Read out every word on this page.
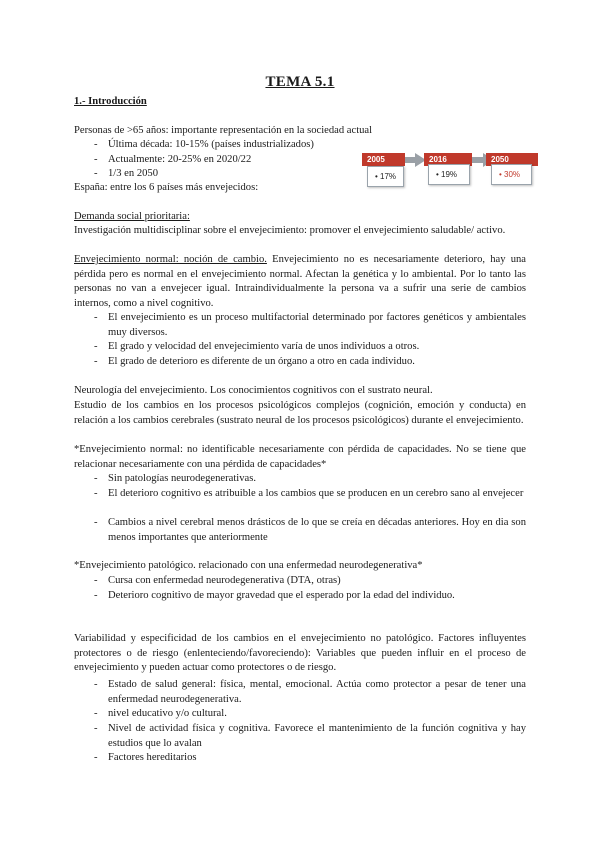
TEMA 5.1
1.- Introducción
Personas de >65 años: importante representación en la sociedad actual
- Última década: 10-15% (países industrializados)
- Actualmente: 20-25% en 2020/22
- 1/3 en 2050
España: entre los 6 países más envejecidos:
2005
• 17%
2016
• 19%
2050
• 30%
Demanda social prioritaria:
Investigación multidisciplinar sobre el envejecimiento: promover el envejecimiento saludable/ activo.
Envejecimiento normal: noción de cambio. Envejecimiento no es necesariamente deterioro, hay una pérdida pero es normal en el envejecimiento normal. Afectan la genética y lo ambiental. Por lo tanto las personas no van a envejecer igual. Intraindividualmente la persona va a sufrir una serie de cambios internos, como a nivel cognitivo.
- El envejecimiento es un proceso multifactorial determinado por factores genéticos y ambientales muy diversos.
- El grado y velocidad del envejecimiento varía de unos individuos a otros.
- El grado de deterioro es diferente de un órgano a otro en cada individuo.
Neurología del envejecimiento. Los conocimientos cognitivos con el sustrato neural.
Estudio de los cambios en los procesos psicológicos complejos (cognición, emoción y conducta) en relación a los cambios cerebrales (sustrato neural de los procesos psicológicos) durante el envejecimiento.
*Envejecimiento normal: no identificable necesariamente con pérdida de capacidades. No se tiene que relacionar necesariamente con una pérdida de capacidades*
- Sin patologías neurodegenerativas.
- El deterioro cognitivo es atribuible a los cambios que se producen en un cerebro sano al envejecer
- Cambios a nivel cerebral menos drásticos de lo que se creía en décadas anteriores. Hoy en dia son menos importantes que anteriormente
*Envejecimiento patológico. relacionado con una enfermedad neurodegenerativa*
- Cursa con enfermedad neurodegenerativa (DTA, otras)
- Deterioro cognitivo de mayor gravedad que el esperado por la edad del individuo.
Variabilidad y especificidad de los cambios en el envejecimiento no patológico. Factores influyentes protectores o de riesgo (enlenteciendo/favoreciendo): Variables que pueden influir en el proceso de envejecimiento y pueden actuar como protectores o de riesgo.
- Estado de salud general: física, mental, emocional. Actúa como protector a pesar de tener una enfermedad neurodegenerativa.
- nivel educativo y/o cultural.
- Nivel de actividad física y cognitiva. Favorece el mantenimiento de la función cognitiva y hay estudios que lo avalan
- Factores hereditarios
